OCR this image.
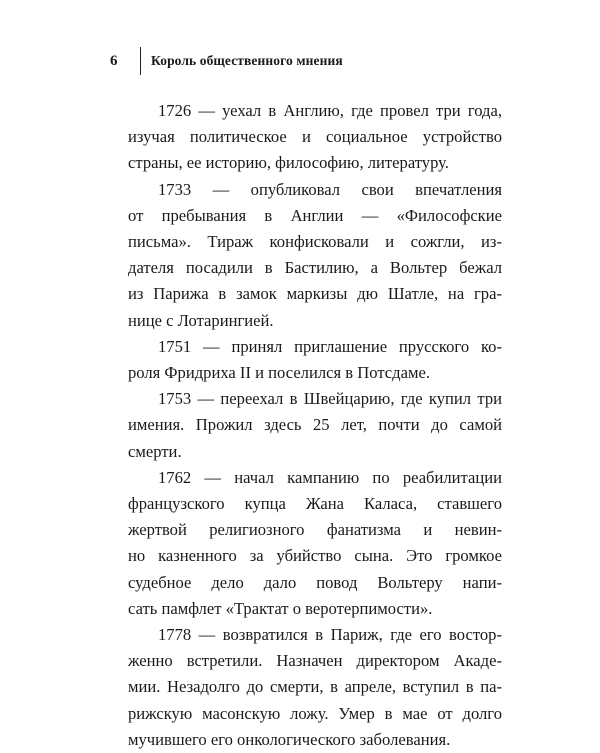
6	Король общественного мнения
1726 — уехал в Англию, где провел три года,
изучая политическое и социальное устройство
страны, ее историю, философию, литературу.
1733 — опубликовал свои впечатления
от пребывания в Англии — «Философские
письма». Тираж конфисковали и сожгли, из-
дателя посадили в Бастилию, а Вольтер бежал
из Парижа в замок маркизы дю Шатле, на гра-
нице с Лотарингией.
1751 — принял приглашение прусского ко-
роля Фридриха II и поселился в Потсдаме.
1753 — переехал в Швейцарию, где купил три
имения. Прожил здесь 25 лет, почти до самой
смерти.
1762 — начал кампанию по реабилитации
французского купца Жана Каласа, ставшего
жертвой религиозного фанатизма и невин-
но казненного за убийство сына. Это громкое
судебное дело дало повод Вольтеру напи-
сать памфлет «Трактат о веротерпимости».
1778 — возвратился в Париж, где его востор-
женно встретили. Назначен директором Акаде-
мии. Незадолго до смерти, в апреле, вступил в па-
рижскую масонскую ложу. Умер в мае от долго
мучившего его онкологического заболевания.
